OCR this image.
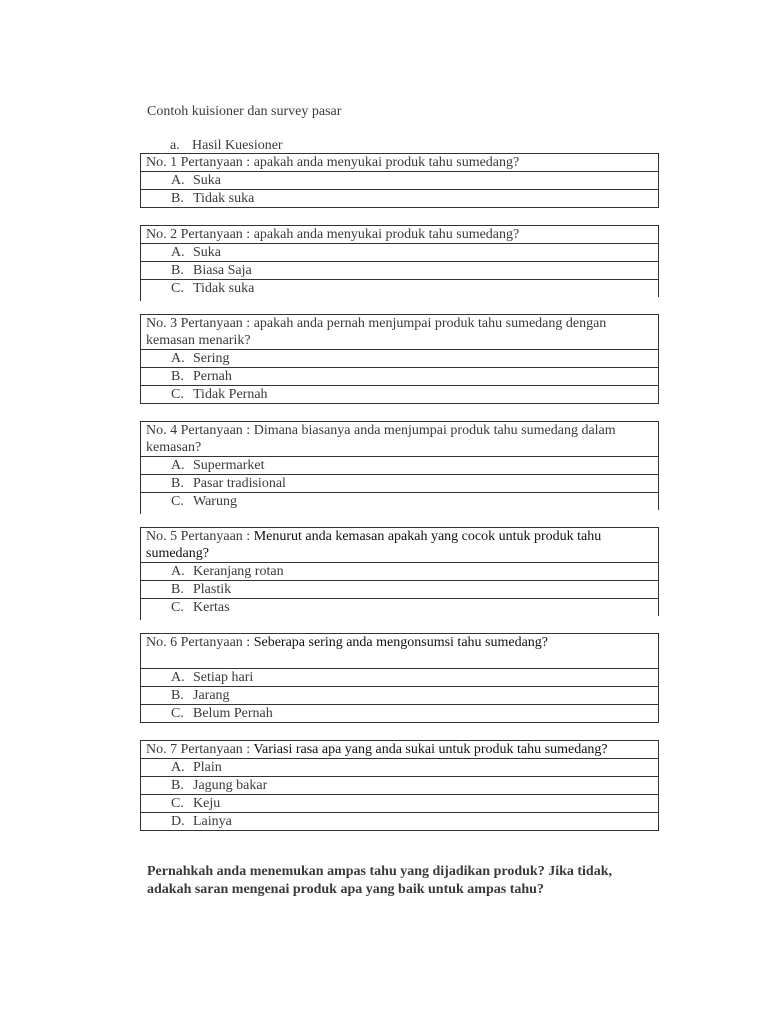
Contoh kuisioner dan survey pasar
a. Hasil Kuesioner
No. 1 Pertanyaan : apakah anda menyukai produk tahu sumedang?
A. Suka
B. Tidak suka
No. 2 Pertanyaan : apakah anda menyukai produk tahu sumedang?
A. Suka
B. Biasa Saja
C. Tidak suka
No. 3 Pertanyaan : apakah anda pernah menjumpai produk tahu sumedang dengan kemasan menarik?
A. Sering
B. Pernah
C. Tidak Pernah
No. 4 Pertanyaan : Dimana biasanya anda menjumpai produk tahu sumedang dalam kemasan?
A. Supermarket
B. Pasar tradisional
C. Warung
No. 5 Pertanyaan : Menurut anda kemasan apakah yang cocok untuk produk tahu sumedang?
A. Keranjang rotan
B. Plastik
C. Kertas
No. 6 Pertanyaan : Seberapa sering anda mengonsumsi tahu sumedang?
A. Setiap hari
B. Jarang
C. Belum Pernah
No. 7 Pertanyaan : Variasi rasa apa yang anda sukai untuk produk tahu sumedang?
A. Plain
B. Jagung bakar
C. Keju
D. Lainya
Pernahkah anda menemukan ampas tahu yang dijadikan produk? Jika tidak, adakah saran mengenai produk apa yang baik untuk ampas tahu?
